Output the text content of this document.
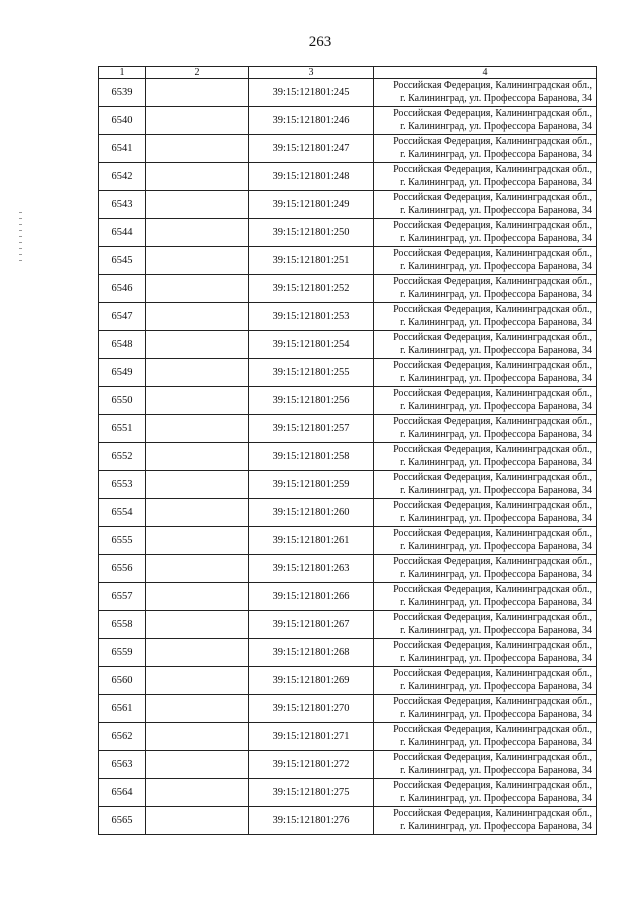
263
1	2	3	4
6539		39:15:121801:245	Российская Федерация, Калининградская обл.,
г. Калининград, ул. Профессора Баранова, 34

6540		39:15:121801:246	Российская Федерация, Калининградская обл.,
г. Калининград, ул. Профессора Баранова, 34

6541		39:15:121801:247	Российская Федерация, Калининградская обл.,
г. Калининград, ул. Профессора Баранова, 34

6542		39:15:121801:248	Российская Федерация, Калининградская обл.,
г. Калининград, ул. Профессора Баранова, 34

6543		39:15:121801:249	Российская Федерация, Калининградская обл.,
г. Калининград, ул. Профессора Баранова, 34

6544		39:15:121801:250	Российская Федерация, Калининградская обл.,
г. Калининград, ул. Профессора Баранова, 34

6545		39:15:121801:251	Российская Федерация, Калининградская обл.,
г. Калининград, ул. Профессора Баранова, 34

6546		39:15:121801:252	Российская Федерация, Калининградская обл.,
г. Калининград, ул. Профессора Баранова, 34

6547		39:15:121801:253	Российская Федерация, Калининградская обл.,
г. Калининград, ул. Профессора Баранова, 34

6548		39:15:121801:254	Российская Федерация, Калининградская обл.,
г. Калининград, ул. Профессора Баранова, 34

6549		39:15:121801:255	Российская Федерация, Калининградская обл.,
г. Калининград, ул. Профессора Баранова, 34

6550		39:15:121801:256	Российская Федерация, Калининградская обл.,
г. Калининград, ул. Профессора Баранова, 34

6551		39:15:121801:257	Российская Федерация, Калининградская обл.,
г. Калининград, ул. Профессора Баранова, 34

6552		39:15:121801:258	Российская Федерация, Калининградская обл.,
г. Калининград, ул. Профессора Баранова, 34

6553		39:15:121801:259	Российская Федерация, Калининградская обл.,
г. Калининград, ул. Профессора Баранова, 34

6554		39:15:121801:260	Российская Федерация, Калининградская обл.,
г. Калининград, ул. Профессора Баранова, 34

6555		39:15:121801:261	Российская Федерация, Калининградская обл.,
г. Калининград, ул. Профессора Баранова, 34

6556		39:15:121801:263	Российская Федерация, Калининградская обл.,
г. Калининград, ул. Профессора Баранова, 34

6557		39:15:121801:266	Российская Федерация, Калининградская обл.,
г. Калининград, ул. Профессора Баранова, 34

6558		39:15:121801:267	Российская Федерация, Калининградская обл.,
г. Калининград, ул. Профессора Баранова, 34

6559		39:15:121801:268	Российская Федерация, Калининградская обл.,
г. Калининград, ул. Профессора Баранова, 34

6560		39:15:121801:269	Российская Федерация, Калининградская обл.,
г. Калининград, ул. Профессора Баранова, 34

6561		39:15:121801:270	Российская Федерация, Калининградская обл.,
г. Калининград, ул. Профессора Баранова, 34

6562		39:15:121801:271	Российская Федерация, Калининградская обл.,
г. Калининград, ул. Профессора Баранова, 34

6563		39:15:121801:272	Российская Федерация, Калининградская обл.,
г. Калининград, ул. Профессора Баранова, 34

6564		39:15:121801:275	Российская Федерация, Калининградская обл.,
г. Калининград, ул. Профессора Баранова, 34

6565		39:15:121801:276	Российская Федерация, Калининградская обл.,
г. Калининград, ул. Профессора Баранова, 34
